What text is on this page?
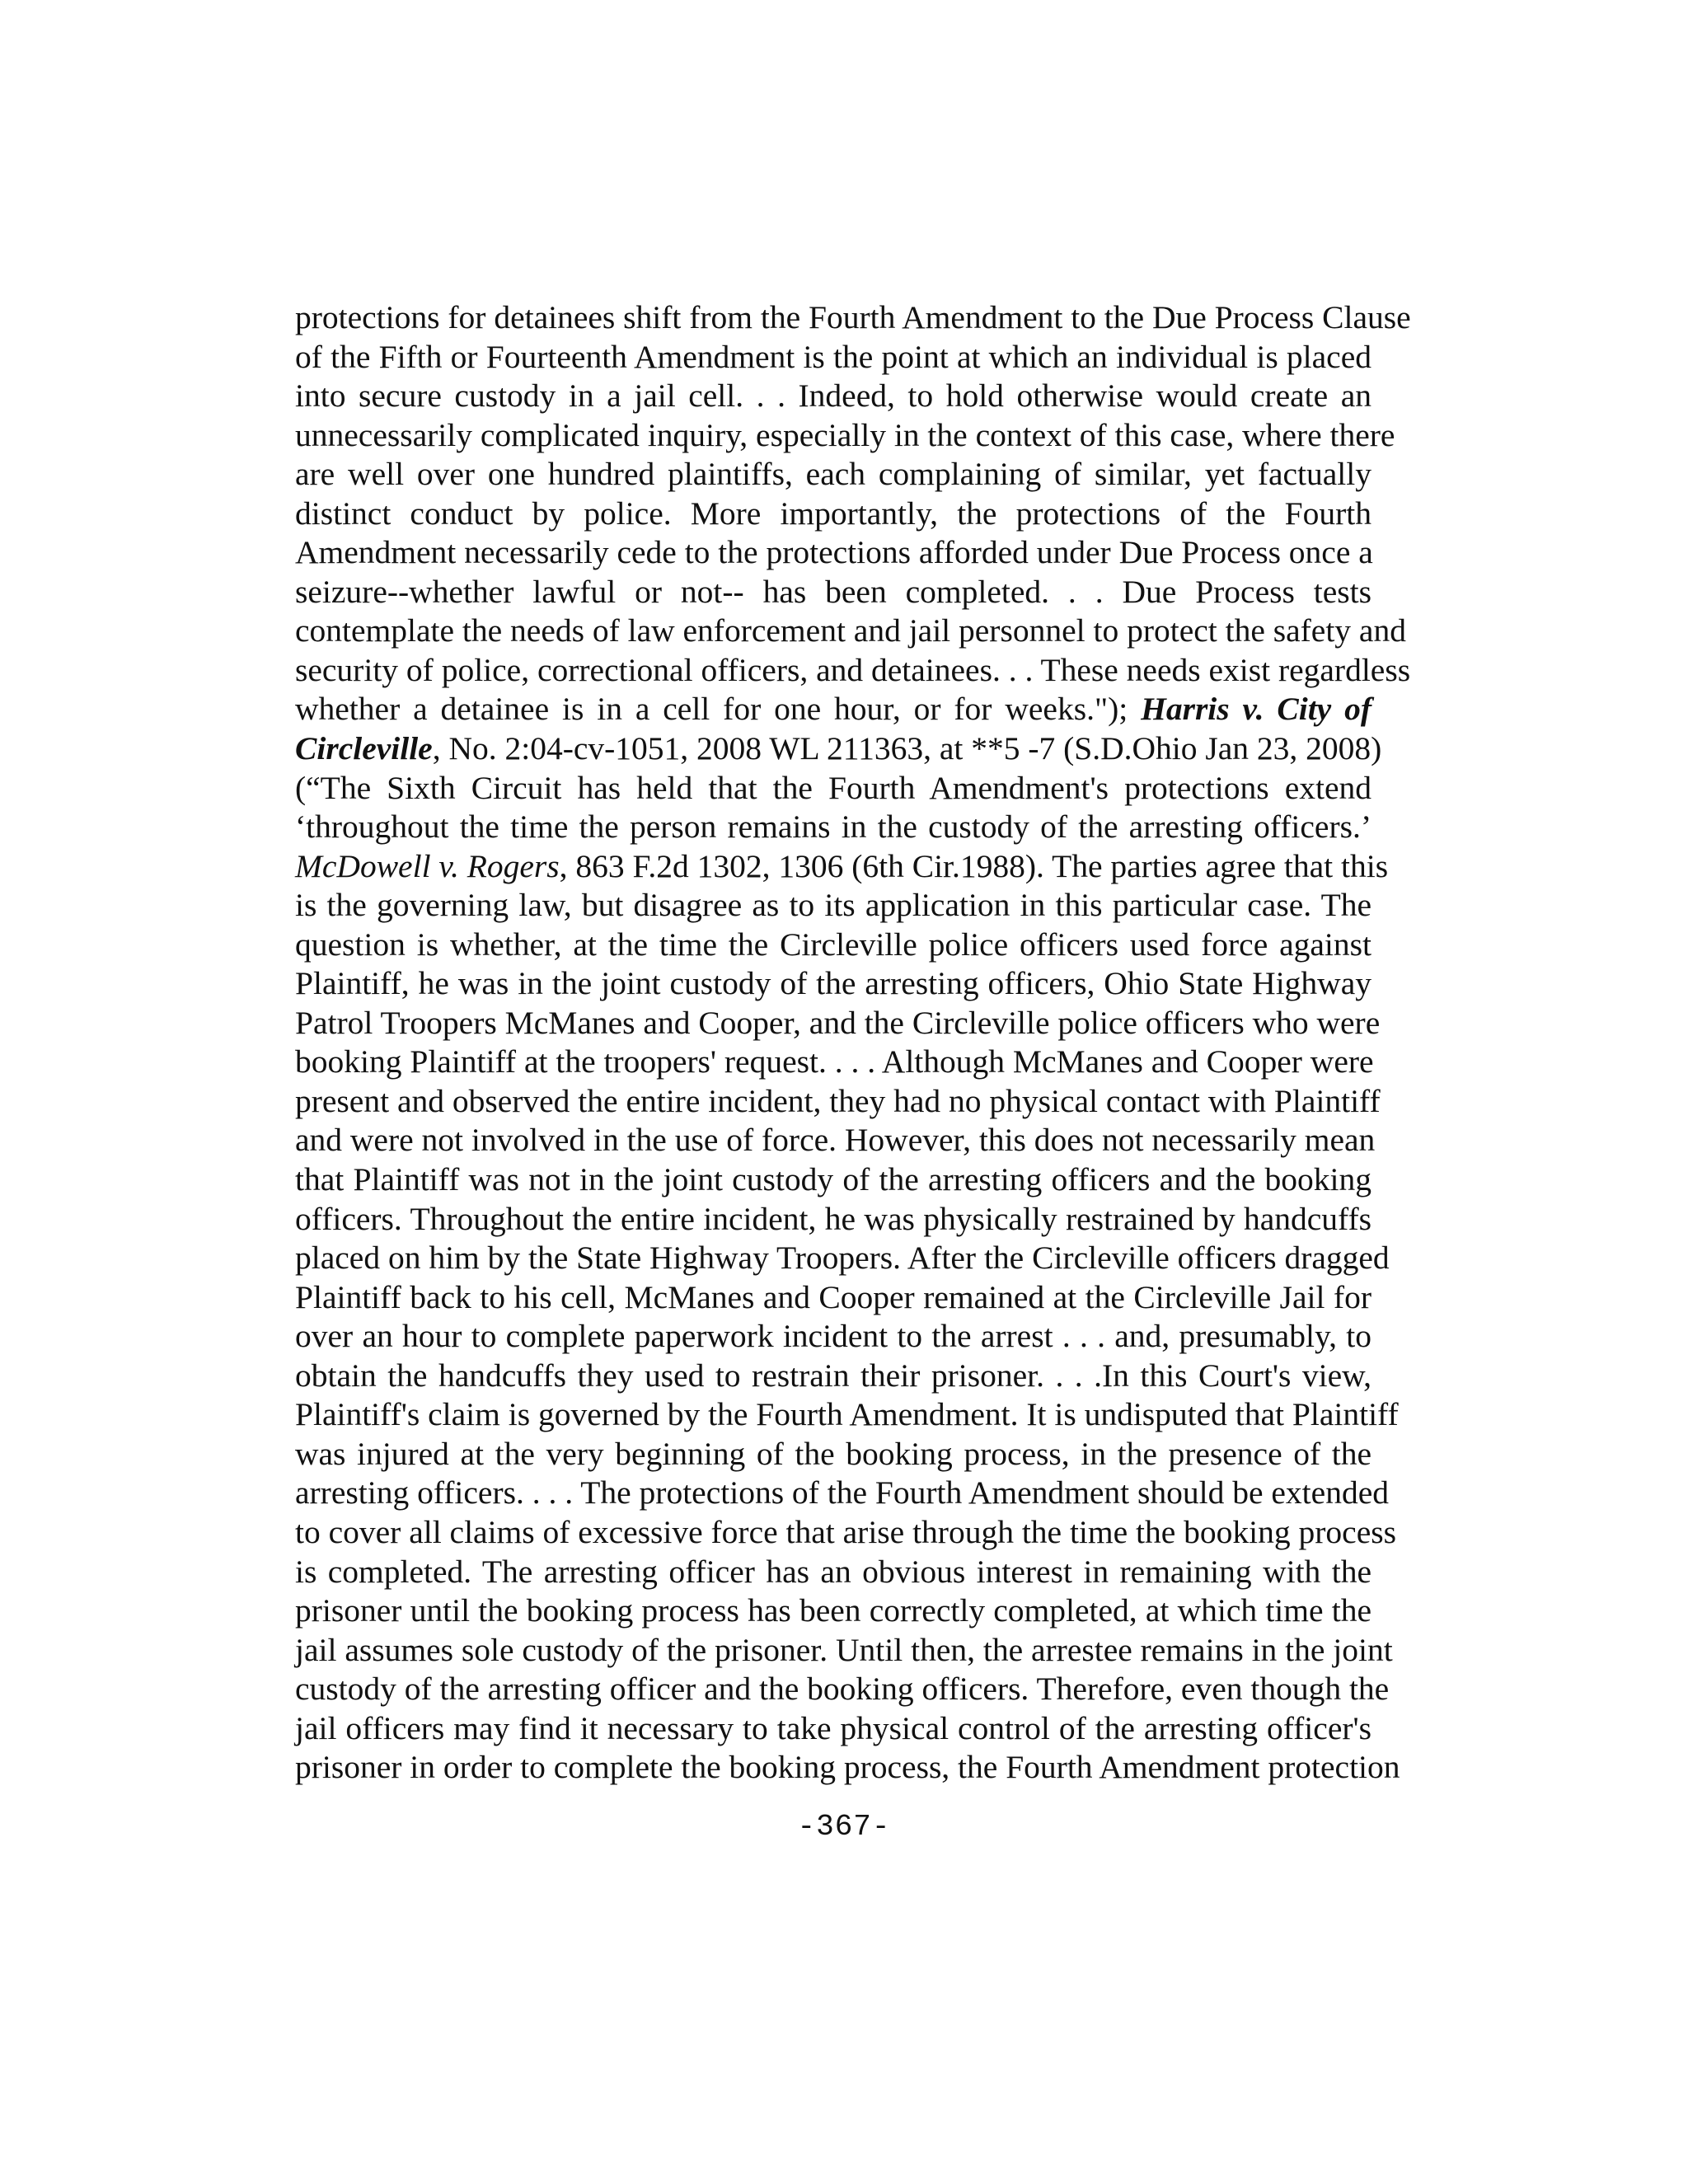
protections for detainees shift from the Fourth Amendment to the Due Process Clause
of the Fifth or Fourteenth Amendment is the point at which an individual is placed
into secure custody in a jail cell. . . Indeed, to hold otherwise would create an
unnecessarily complicated inquiry, especially in the context of this case, where there
are well over one hundred plaintiffs, each complaining of similar, yet factually
distinct conduct by police. More importantly, the protections of the Fourth
Amendment necessarily cede to the protections afforded under Due Process once a
seizure--whether lawful or not-- has been completed. . . Due Process tests
contemplate the needs of law enforcement and jail personnel to protect the safety and
security of police, correctional officers, and detainees. . . These needs exist regardless
whether a detainee is in a cell for one hour, or for weeks."); Harris v. City of
Circleville, No. 2:04-cv-1051, 2008 WL 211363, at **5 -7 (S.D.Ohio Jan 23, 2008)
(“The Sixth Circuit has held that the Fourth Amendment's protections extend
‘throughout the time the person remains in the custody of the arresting officers.’
McDowell v. Rogers, 863 F.2d 1302, 1306 (6th Cir.1988). The parties agree that this
is the governing law, but disagree as to its application in this particular case. The
question is whether, at the time the Circleville police officers used force against
Plaintiff, he was in the joint custody of the arresting officers, Ohio State Highway
Patrol Troopers McManes and Cooper, and the Circleville police officers who were
booking Plaintiff at the troopers' request. . . . Although McManes and Cooper were
present and observed the entire incident, they had no physical contact with Plaintiff
and were not involved in the use of force. However, this does not necessarily mean
that Plaintiff was not in the joint custody of the arresting officers and the booking
officers. Throughout the entire incident, he was physically restrained by handcuffs
placed on him by the State Highway Troopers. After the Circleville officers dragged
Plaintiff back to his cell, McManes and Cooper remained at the Circleville Jail for
over an hour to complete paperwork incident to the arrest . . . and, presumably, to
obtain the handcuffs they used to restrain their prisoner. . . .In this Court's view,
Plaintiff's claim is governed by the Fourth Amendment. It is undisputed that Plaintiff
was injured at the very beginning of the booking process, in the presence of the
arresting officers. . . . The protections of the Fourth Amendment should be extended
to cover all claims of excessive force that arise through the time the booking process
is completed. The arresting officer has an obvious interest in remaining with the
prisoner until the booking process has been correctly completed, at which time the
jail assumes sole custody of the prisoner. Until then, the arrestee remains in the joint
custody of the arresting officer and the booking officers. Therefore, even though the
jail officers may find it necessary to take physical control of the arresting officer's
prisoner in order to complete the booking process, the Fourth Amendment protection
-367-
